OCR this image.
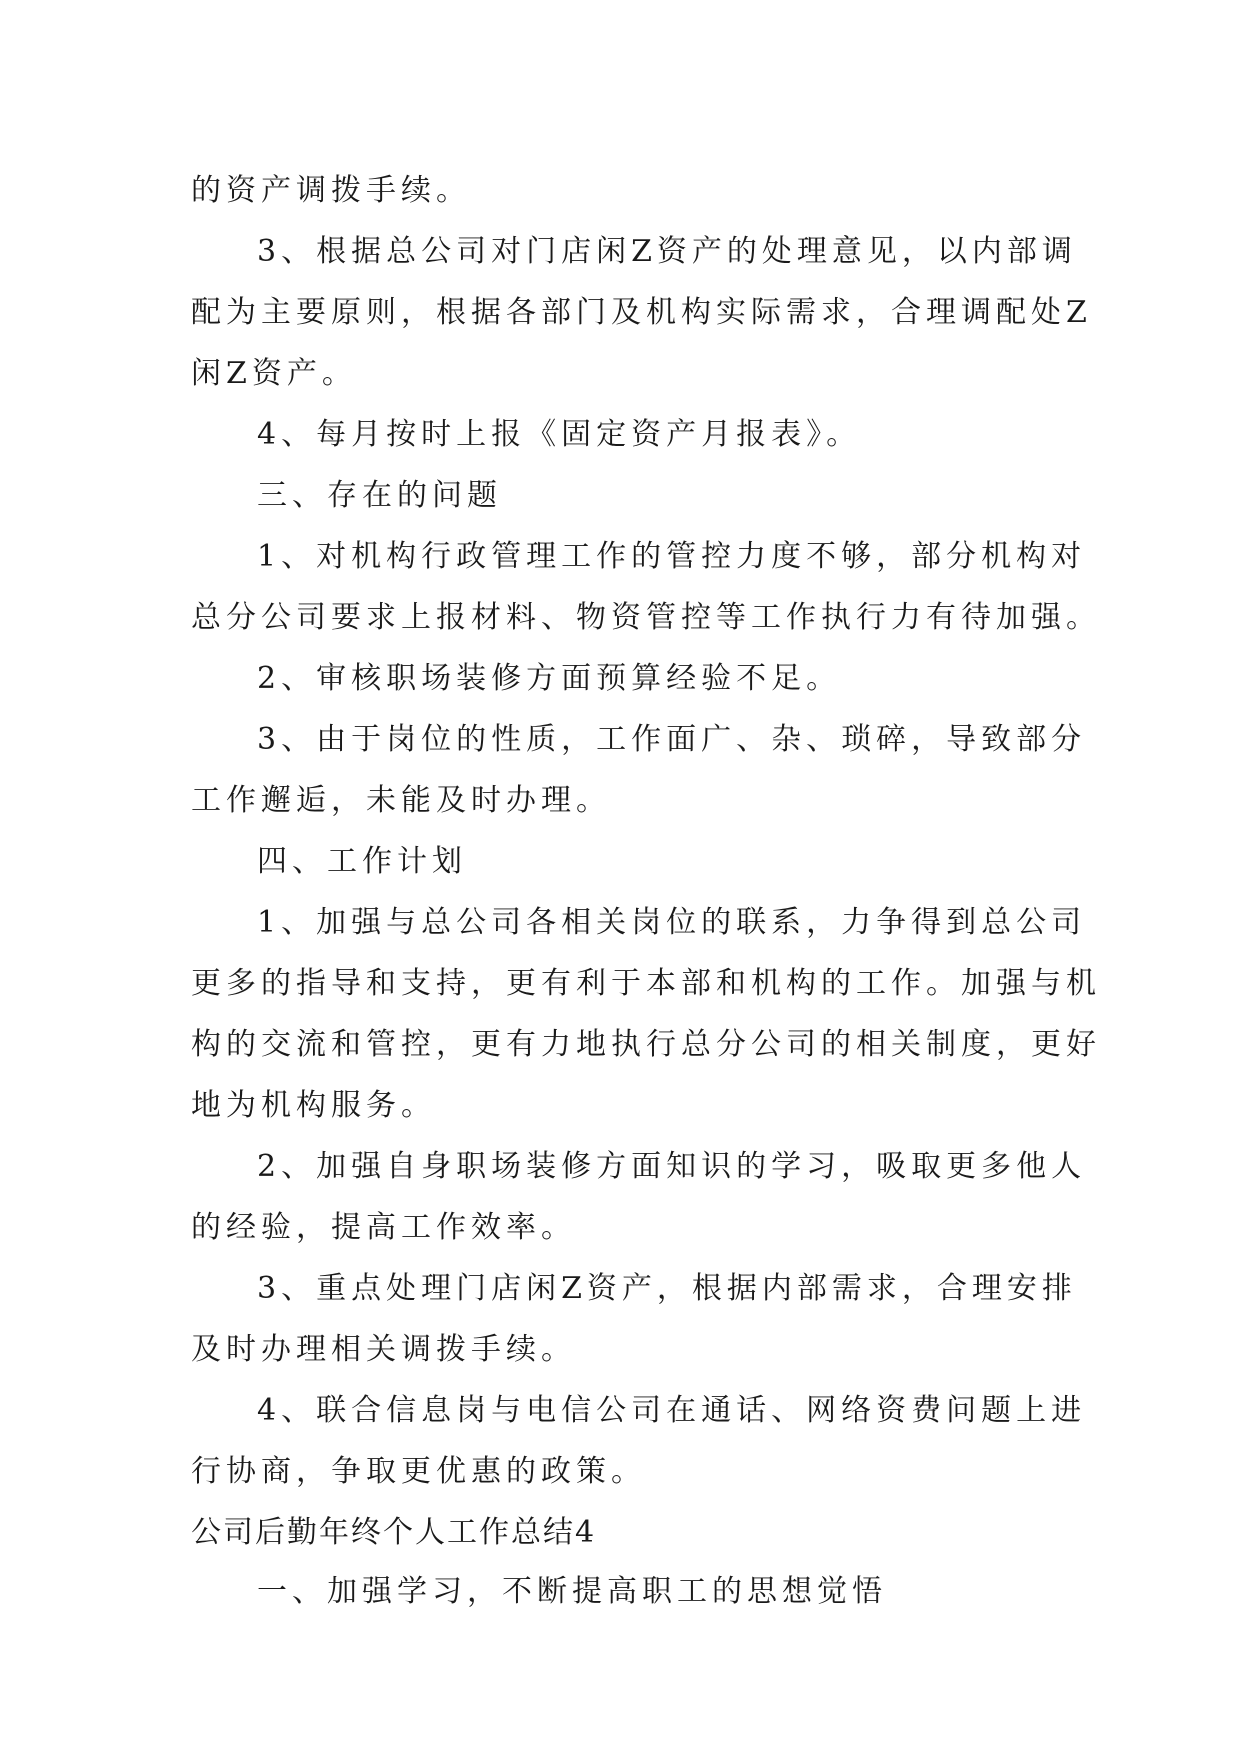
的资产调拨手续。
3、根据总公司对门店闲Z资产的处理意见，以内部调
配为主要原则，根据各部门及机构实际需求，合理调配处Z
闲Z资产。
4、每月按时上报《固定资产月报表》。
三、存在的问题
1、对机构行政管理工作的管控力度不够，部分机构对
总分公司要求上报材料、物资管控等工作执行力有待加强。
2、审核职场装修方面预算经验不足。
3、由于岗位的性质，工作面广、杂、琐碎，导致部分
工作邂逅，未能及时办理。
四、工作计划
1、加强与总公司各相关岗位的联系，力争得到总公司
更多的指导和支持，更有利于本部和机构的工作。加强与机
构的交流和管控，更有力地执行总分公司的相关制度，更好
地为机构服务。
2、加强自身职场装修方面知识的学习，吸取更多他人
的经验，提高工作效率。
3、重点处理门店闲Z资产，根据内部需求，合理安排
及时办理相关调拨手续。
4、联合信息岗与电信公司在通话、网络资费问题上进
行协商，争取更优惠的政策。
公司后勤年终个人工作总结4
一、加强学习，不断提高职工的思想觉悟
